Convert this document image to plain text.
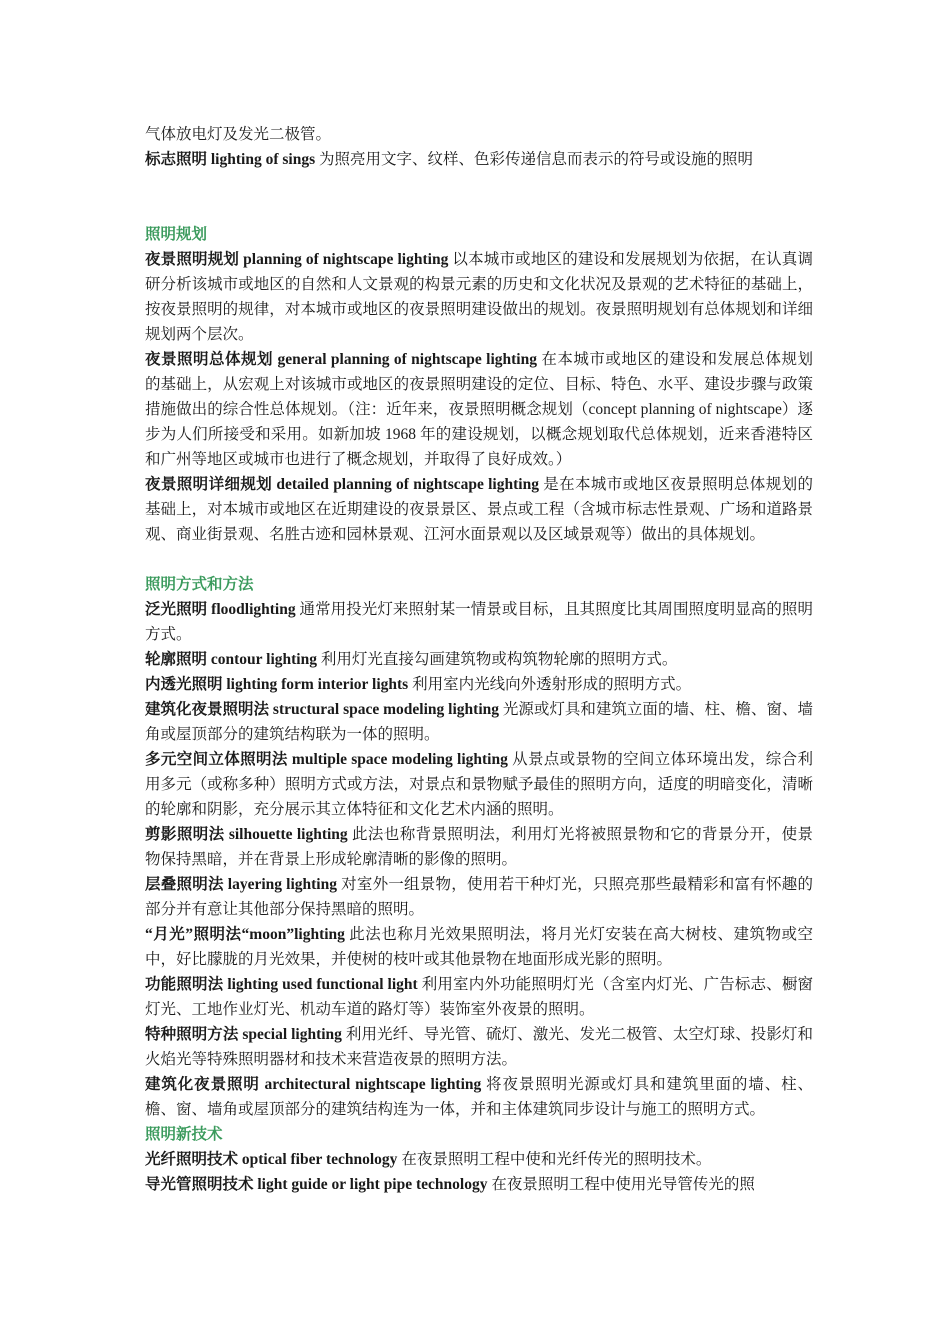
气体放电灯及发光二极管。

标志照明 lighting of sings 为照亮用文字、纹样、色彩传递信息而表示的符号或设施的照明

照明规划

夜景照明规划 planning of nightscape lighting 以本城市或地区的建设和发展规划为依据，在认真调研分析该城市或地区的自然和人文景观的构景元素的历史和文化状况及景观的艺术特征的基础上，按夜景照明的规律，对本城市或地区的夜景照明建设做出的规划。夜景照明规划有总体规划和详细规划两个层次。

夜景照明总体规划 general planning of nightscape lighting 在本城市或地区的建设和发展总体规划的基础上，从宏观上对该城市或地区的夜景照明建设的定位、目标、特色、水平、建设步骤与政策措施做出的综合性总体规划。（注：近年来，夜景照明概念规划（concept planning of nightscape）逐步为人们所接受和采用。如新加坡 1968 年的建设规划，以概念规划取代总体规划，近来香港特区和广州等地区或城市也进行了概念规划，并取得了良好成效。）

夜景照明详细规划 detailed planning of nightscape lighting 是在本城市或地区夜景照明总体规划的基础上，对本城市或地区在近期建设的夜景景区、景点或工程（含城市标志性景观、广场和道路景观、商业街景观、名胜古迹和园林景观、江河水面景观以及区域景观等）做出的具体规划。

照明方式和方法

泛光照明 floodlighting 通常用投光灯来照射某一情景或目标，且其照度比其周围照度明显高的照明方式。

轮廓照明 contour lighting 利用灯光直接勾画建筑物或构筑物轮廓的照明方式。

内透光照明 lighting form interior lights 利用室内光线向外透射形成的照明方式。

建筑化夜景照明法 structural space modeling lighting 光源或灯具和建筑立面的墙、柱、檐、窗、墙角或屋顶部分的建筑结构联为一体的照明。

多元空间立体照明法 multiple space modeling lighting 从景点或景物的空间立体环境出发，综合利用多元（或称多种）照明方式或方法，对景点和景物赋予最佳的照明方向，适度的明暗变化，清晰的轮廓和阴影，充分展示其立体特征和文化艺术内涵的照明。

剪影照明法 silhouette lighting 此法也称背景照明法，利用灯光将被照景物和它的背景分开，使景物保持黑暗，并在背景上形成轮廓清晰的影像的照明。

层叠照明法 layering lighting 对室外一组景物，使用若干种灯光，只照亮那些最精彩和富有怀趣的部分并有意让其他部分保持黑暗的照明。

“月光”照明法“moon”lighting 此法也称月光效果照明法，将月光灯安装在高大树枝、建筑物或空中，好比朦胧的月光效果，并使树的枝叶或其他景物在地面形成光影的照明。

功能照明法 lighting used functional light 利用室内外功能照明灯光（含室内灯光、广告标志、橱窗灯光、工地作业灯光、机动车道的路灯等）装饰室外夜景的照明。

特种照明方法 special lighting 利用光纤、导光管、硫灯、激光、发光二极管、太空灯球、投影灯和火焰光等特殊照明器材和技术来营造夜景的照明方法。

建筑化夜景照明 architectural nightscape lighting 将夜景照明光源或灯具和建筑里面的墙、柱、檐、窗、墙角或屋顶部分的建筑结构连为一体，并和主体建筑同步设计与施工的照明方式。

照明新技术

光纤照明技术 optical fiber technology 在夜景照明工程中使和光纤传光的照明技术。

导光管照明技术 light guide or light pipe technology 在夜景照明工程中使用光导管传光的照
